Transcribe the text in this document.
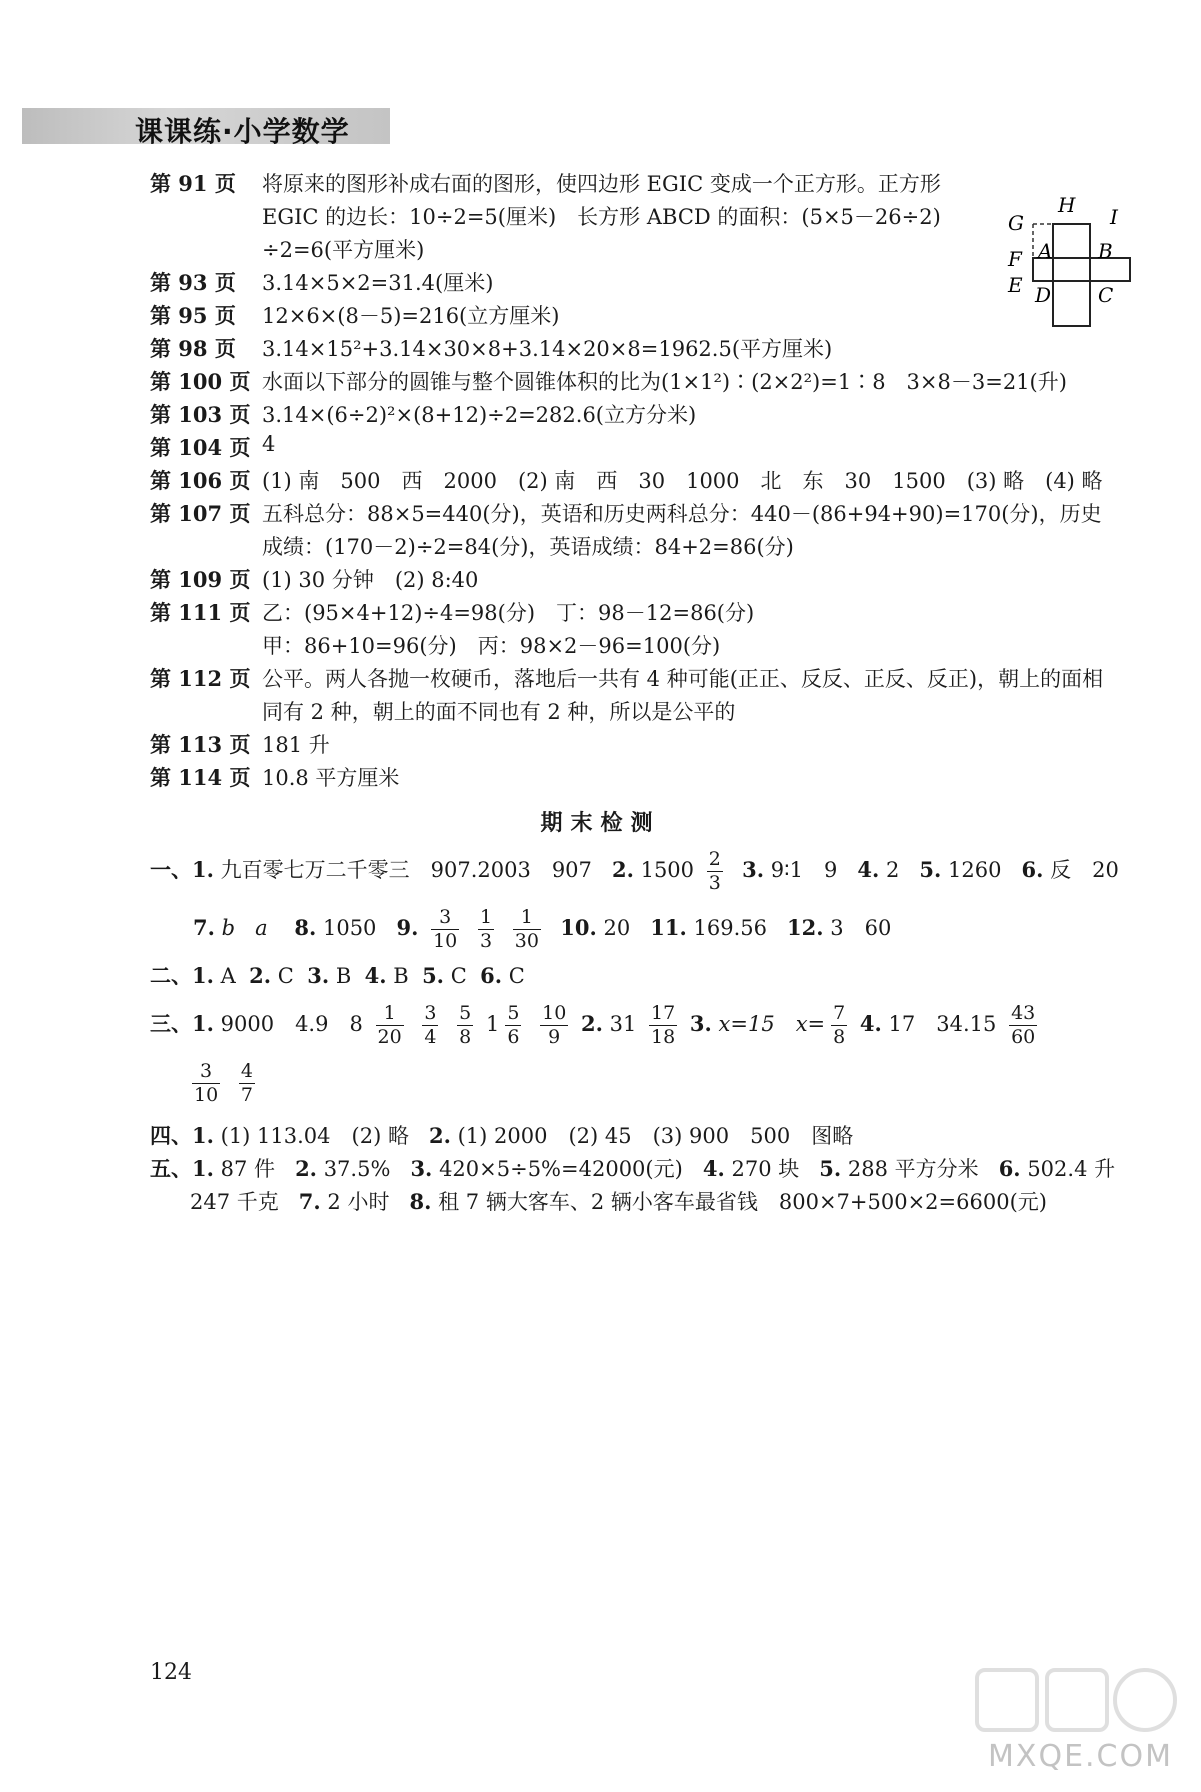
课课练·小学数学
第 91 页 将原来的图形补成右面的图形，使四边形 EGIC 变成一个正方形。正方形
EGIC 的边长：10÷2=5(厘米)　长方形 ABCD 的面积：(5×5－26÷2)
÷2=6(平方厘米)
第 93 页 3.14×5×2=31.4(厘米)
第 95 页 12×6×(8－5)=216(立方厘米)
第 98 页 3.14×15²+3.14×30×8+3.14×20×8=1962.5(平方厘米)
第 100 页 水面以下部分的圆锥与整个圆锥体积的比为(1×1²)∶(2×2²)=1∶8　3×8－3=21(升)
第 103 页 3.14×(6÷2)²×(8+12)÷2=282.6(立方分米)
第 104 页 4
第 106 页 (1) 南　500　西　2000　(2) 南　西　30　1000　北　东　30　1500　(3) 略　(4) 略
第 107 页 五科总分：88×5=440(分)，英语和历史两科总分：440－(86+94+90)=170(分)，历史
成绩：(170－2)÷2=84(分)，英语成绩：84+2=86(分)
第 109 页 (1) 30 分钟　(2) 8:40
第 111 页 乙：(95×4+12)÷4=98(分)　丁：98－12=86(分)
甲：86+10=96(分)　丙：98×2－96=100(分)
第 112 页 公平。两人各抛一枚硬币，落地后一共有 4 种可能(正正、反反、正反、反正)，朝上的面相
同有 2 种，朝上的面不同也有 2 种，所以是公平的
第 113 页 181 升
第 114 页 10.8 平方厘米
H
G	I
F A B
E D C
期末检测
一、1. 九百零七万二千零三　907.2003　907 2. $1500 \frac{2}{3} 3$. 9∶1　9 4. 2 5. 1260 6. 反　20
7. b a 8. 1050 9. $\frac{3}{10}$
$\frac{1}{3}$
$\frac{1}{30} 10$. 20 11. 169.56 12. 3　60
二、1. A 2. C 3. B 4. B 5. C 6. C
三、1. 9000　4.9　$8 \frac{1}{20}$
$\frac{3}{4}$
$\frac{5}{8} 1 \frac{5}{6}$
$\frac{10}{9} 2$. $31 \frac{17}{18} 3$. x=15　$x= \frac{7}{8} 4$. 17　$34.15 \frac{43}{60}$
$\frac{3}{10}$
$\frac{4}{7}$
四、1. (1) 113.04　(2) 略 2. (1) 2000　(2) 45　(3) 900　500　图略
五、1. 87 件 2. 37.5% 3. 420×5÷5%=42000(元) 4. 270 块 5. 288 平方分米 6. 502.4 升
247 千克 7. 2 小时 8. 租 7 辆大客车、2 辆小客车最省钱　800×7+500×2=6600(元)
124
MXQE.COM
